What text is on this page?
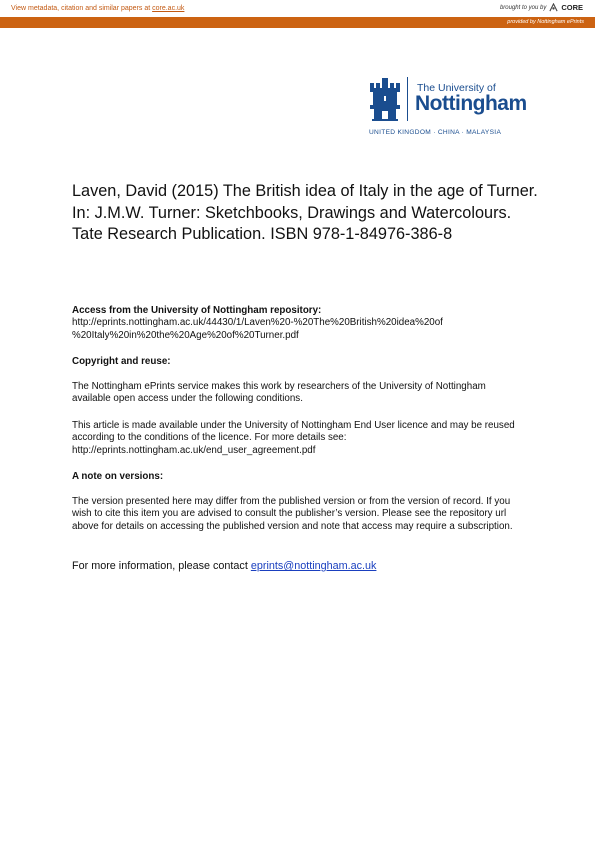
View metadata, citation and similar papers at core.ac.uk	brought to you by CORE
provided by Nottingham ePrints
The University of
Nottingham
UNITED KINGDOM · CHINA · MALAYSIA
Laven, David (2015) The British idea of Italy in the age of Turner. In: J.M.W. Turner: Sketchbooks, Drawings and Watercolours. Tate Research Publication. ISBN 978-1-84976-386-8
Access from the University of Nottingham repository:
http://eprints.nottingham.ac.uk/44430/1/Laven%20-%20The%20British%20idea%20of
%20Italy%20in%20the%20Age%20of%20Turner.pdf
Copyright and reuse:
The Nottingham ePrints service makes this work by researchers of the University of Nottingham available open access under the following conditions.
This article is made available under the University of Nottingham End User licence and may be reused according to the conditions of the licence. For more details see:
http://eprints.nottingham.ac.uk/end_user_agreement.pdf
A note on versions:
The version presented here may differ from the published version or from the version of record. If you wish to cite this item you are advised to consult the publisher’s version. Please see the repository url above for details on accessing the published version and note that access may require a subscription.
For more information, please contact eprints@nottingham.ac.uk
